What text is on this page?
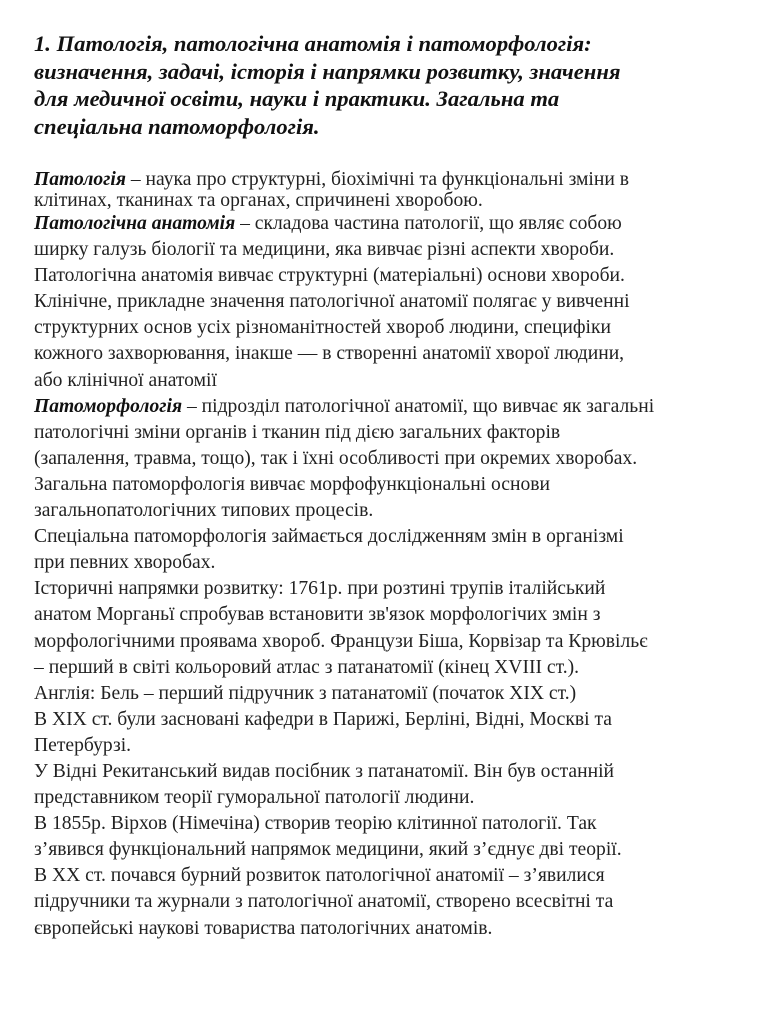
1. Патологія, патологічна анатомія і патоморфологія:
визначення, задачі, історія і напрямки розвитку, значення
для медичної освіти, науки і практики. Загальна та
спеціальна патоморфологія.

Патологія – наука про структурні, біохімічні та функціональні зміни в
клітинах, тканинах та органах, спричинені хворобою.

Патологічна анатомія – складова частина патології, що являє собою
ширку галузь біології та медицини, яка вивчає різні аспекти хвороби.

Патологічна анатомія вивчає структурні (матеріальні) основи хвороби.

Клінічне, прикладне значення патологічної анатомії полягає у вивченні
структурних основ усіх різноманітностей хвороб людини, специфіки
кожного захворювання, інакше — в створенні анатомії хворої людини,
або клінічної анатомії

Патоморфологія – підрозділ патологічної анатомії, що вивчає як загальні
патологічні зміни органів і тканин під дією загальних факторів
(запалення, травма, тощо), так і їхні особливості при окремих хворобах.

Загальна патоморфологія вивчає морфофункціональні основи
загальнопатологічних типових процесів.

Спеціальна патоморфологія займається дослідженням змін в організмі
при певних хворобах.

Історичні напрямки розвитку: 1761р. при розтині трупів італійський
анатом Морганьї спробував встановити зв'язок морфологічих змін з
морфологічними проявама хвороб. Французи Біша, Корвізар та Крювільє
– перший в світі кольоровий атлас з патанатомії (кінец XVIII ст.).

Англія: Бель – перший підручник з патанатомії (початок XIX ст.)

В XIX ст. були засновані кафедри в Парижі, Берліні, Відні, Москві та
Петербурзі.

У Відні Рекитанський видав посібник з патанатомії. Він був останній
представником теорії гуморальної патології людини.

В 1855р. Вірхов (Німечіна) створив теорію клітинної патології. Так
з’явився функціональний напрямок медицини, який з’єднує дві теорії.

В XX ст. почався бурний розвиток патологічної анатомії – з’явилися
підручники та журнали з патологічної анатомії, створено всесвітні та
європейські наукові товариства патологічних анатомів.
